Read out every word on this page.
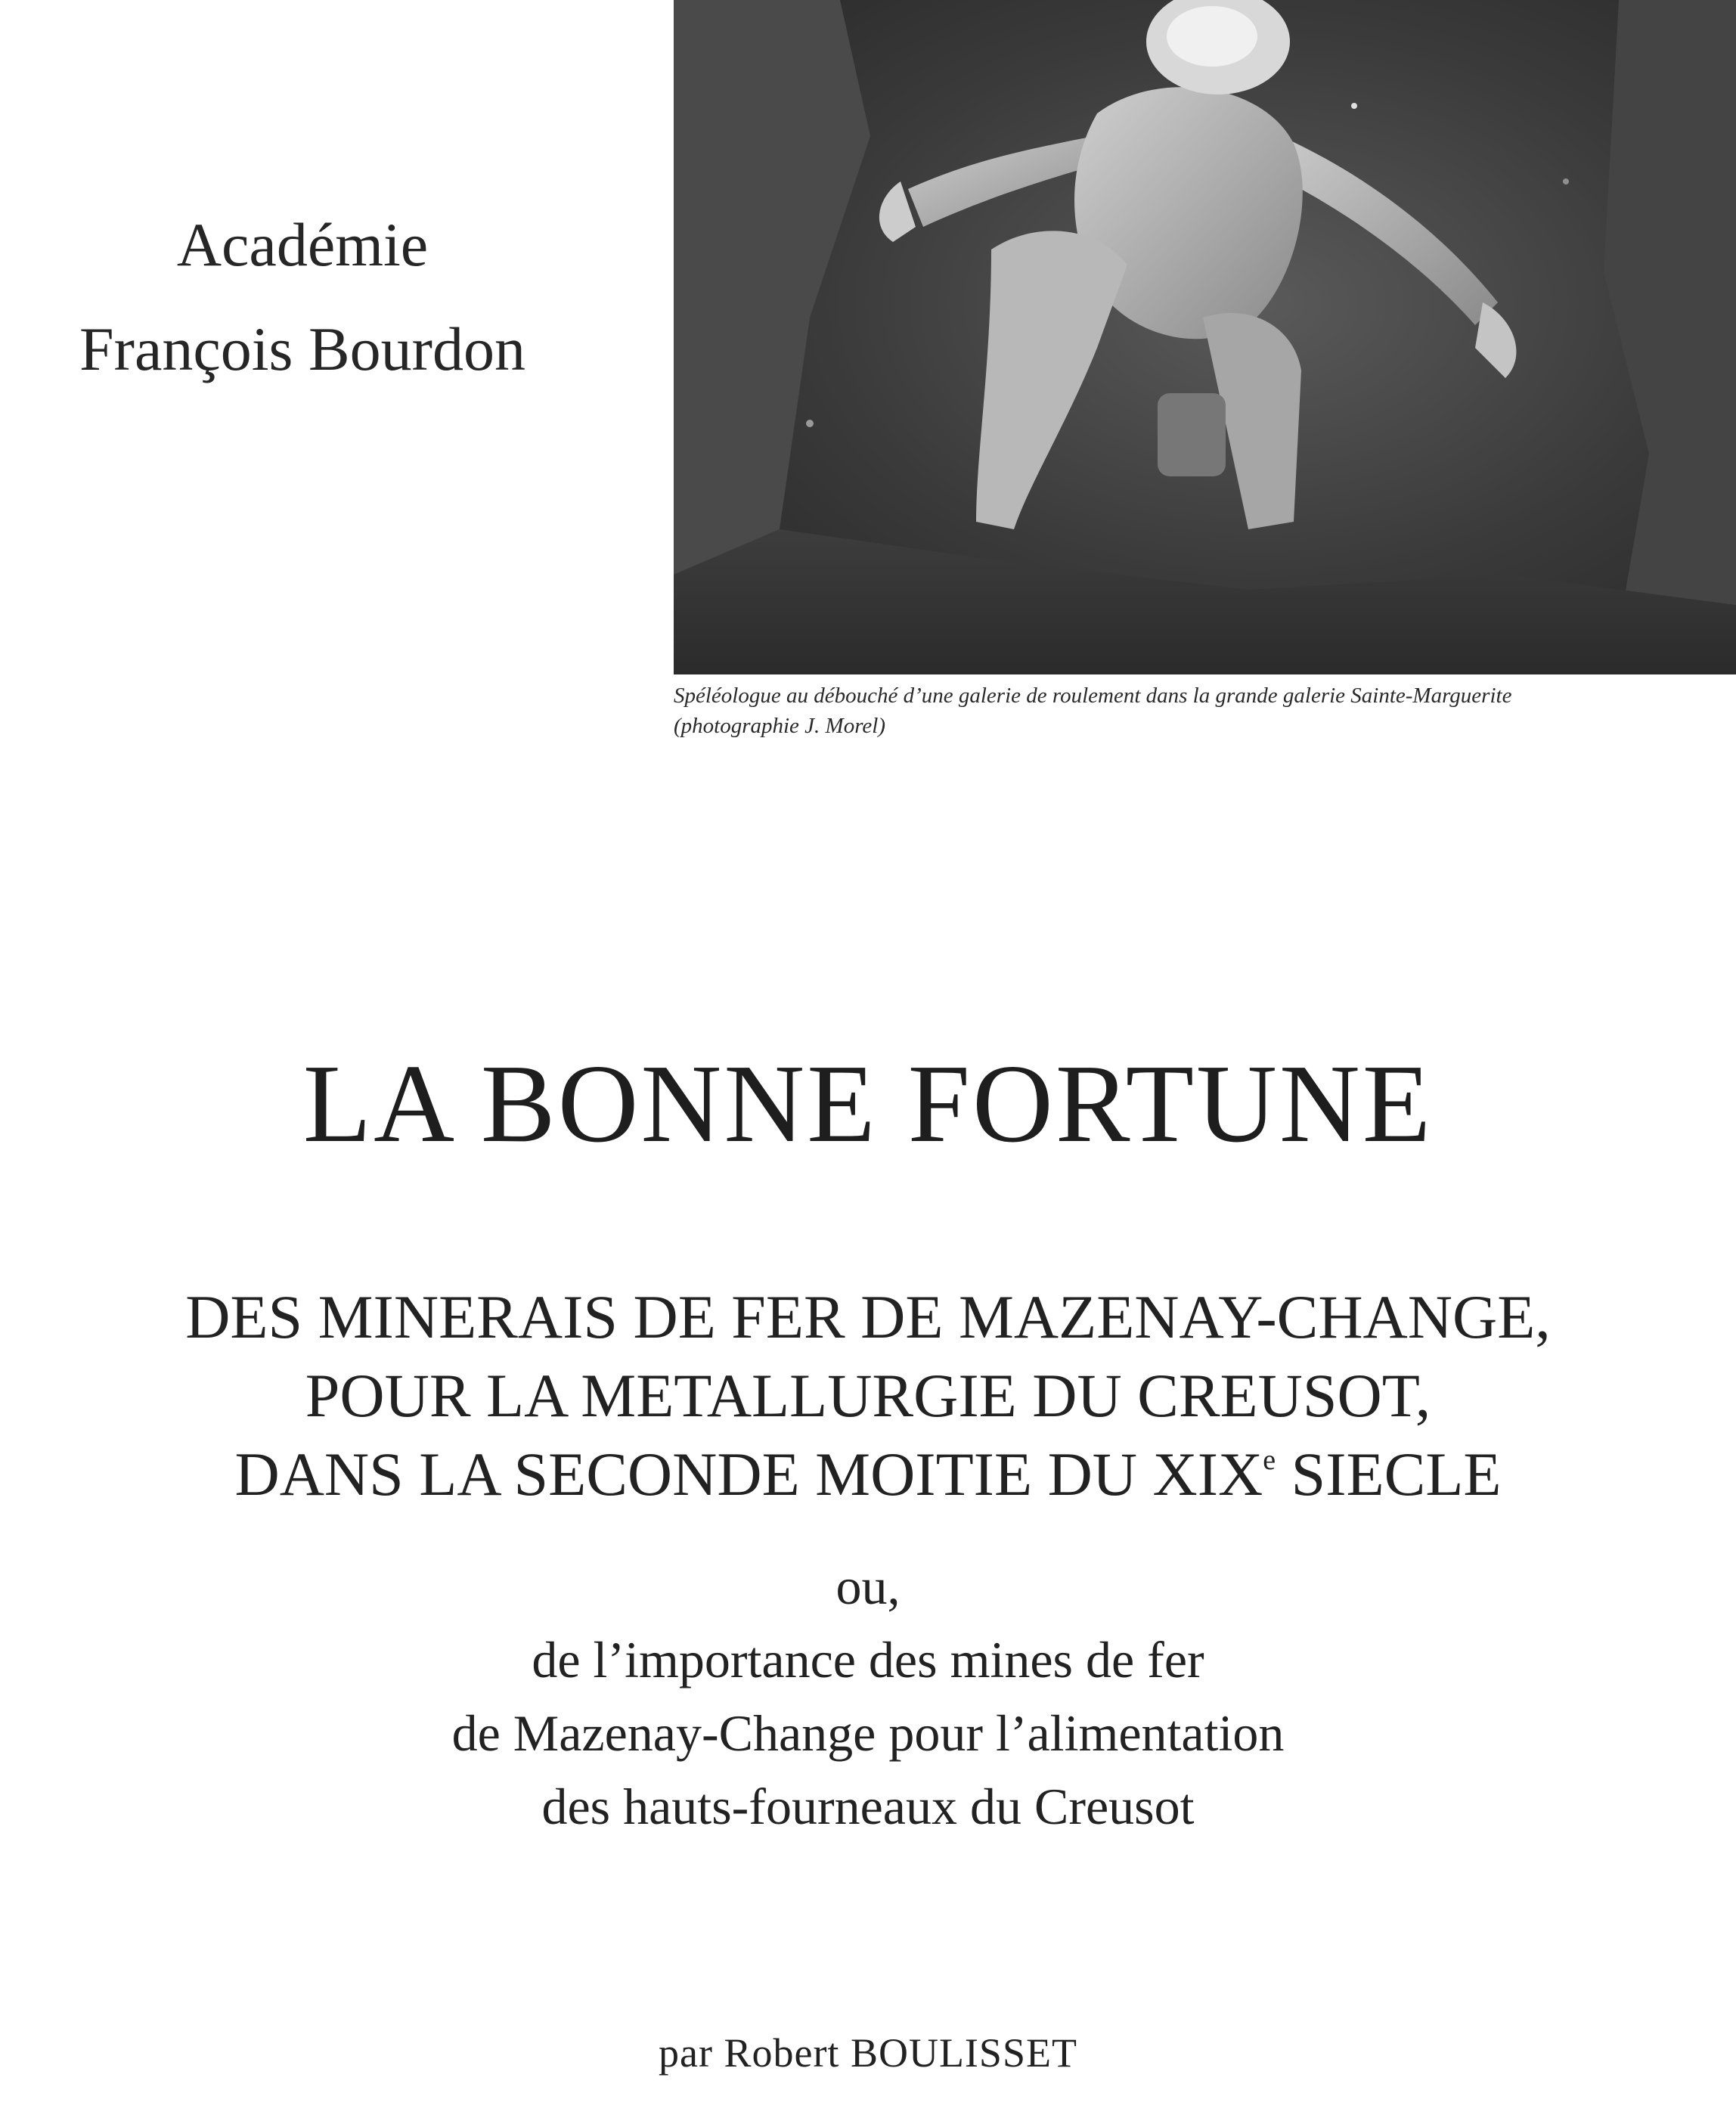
Académie
François Bourdon
Spéléologue au débouché d’une galerie de roulement dans la grande galerie Sainte-Marguerite
(photographie J. Morel)
LA BONNE FORTUNE
DES MINERAIS DE FER DE MAZENAY-CHANGE,
POUR LA METALLURGIE DU CREUSOT,
DANS LA SECONDE MOITIE DU XIXe SIECLE
ou,
de l’importance des mines de fer
de Mazenay-Change pour l’alimentation
des hauts-fourneaux du Creusot
par Robert BOULISSET
